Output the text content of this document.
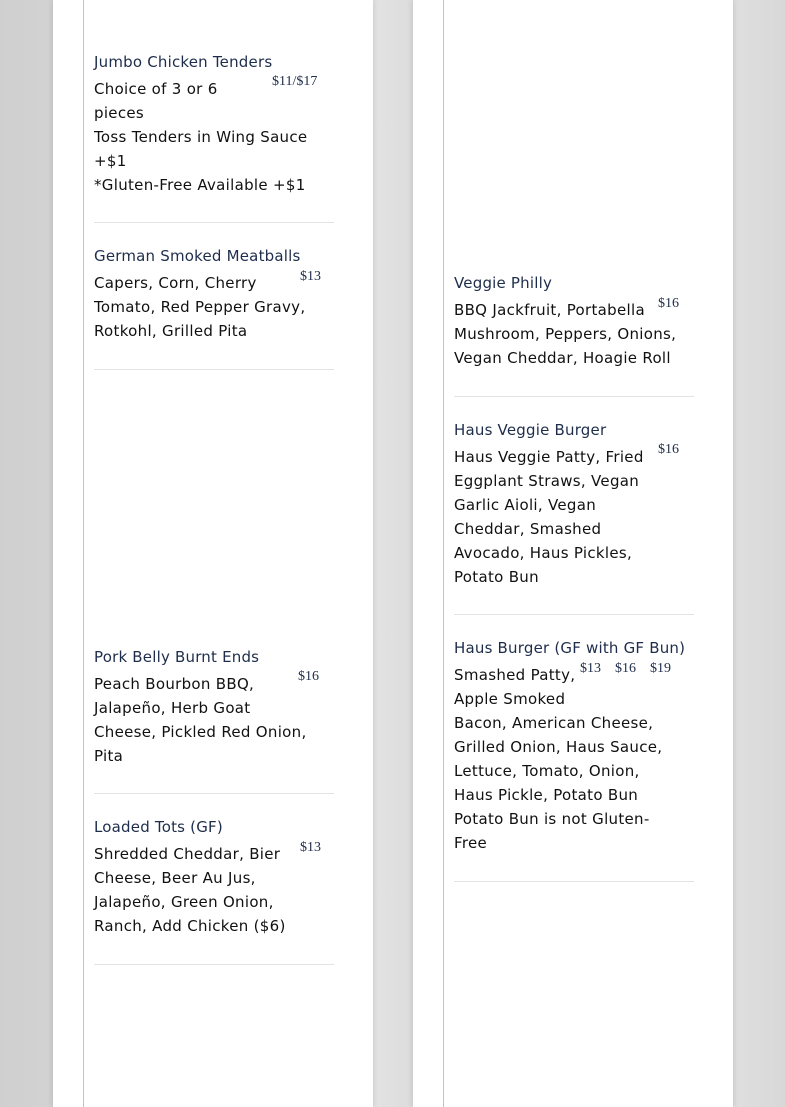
Jumbo Chicken Tenders
Choice of 3 or 6
pieces
Toss Tenders in Wing Sauce
+$1
*Gluten-Free Available +$1
$11/$17
German Smoked Meatballs
Capers, Corn, Cherry
Tomato, Red Pepper Gravy,
Rotkohl, Grilled Pita
$13
Pork Belly Burnt Ends
Peach Bourbon BBQ,
Jalapeño, Herb Goat
Cheese, Pickled Red Onion,
Pita
$16
Loaded Tots (GF)
Shredded Cheddar, Bier
Cheese, Beer Au Jus,
Jalapeño, Green Onion,
Ranch, Add Chicken ($6)
$13
Veggie Philly
BBQ Jackfruit, Portabella
Mushroom, Peppers, Onions,
Vegan Cheddar, Hoagie Roll
$16
Haus Veggie Burger
Haus Veggie Patty, Fried
Eggplant Straws, Vegan
Garlic Aioli, Vegan
Cheddar, Smashed
Avocado, Haus Pickles,
Potato Bun
$16
Haus Burger (GF with GF Bun)
Smashed Patty,
Apple Smoked
Bacon, American Cheese,
Grilled Onion, Haus Sauce,
Lettuce, Tomato, Onion,
Haus Pickle, Potato Bun
Potato Bun is not Gluten-
Free
$13 $16 $19
